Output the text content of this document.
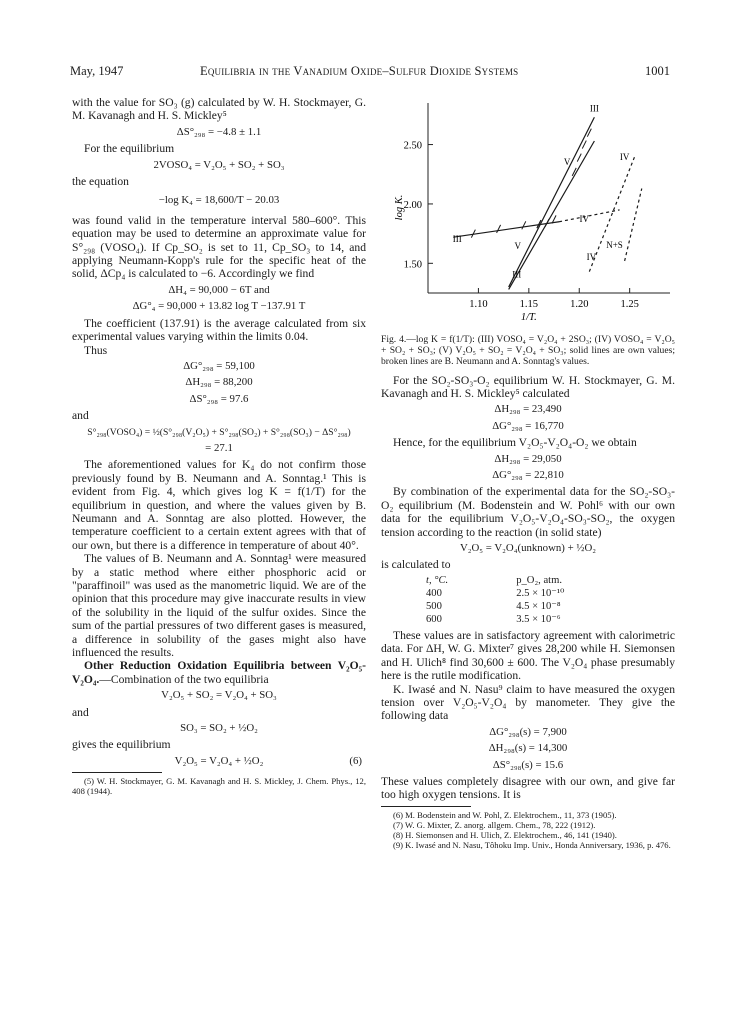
May, 1947	Equilibria in the Vanadium Oxide–Sulfur Dioxide Systems	1001

with the value for SO₃ (g) calculated by W. H. Stockmayer, G. M. Kavanagh and H. S. Mickley⁵

ΔS°₂₉₈ = −4.8 ± 1.1

For the equilibrium

2VOSO₄ = V₂O₅ + SO₂ + SO₃

the equation

−log K₄ = 18,600/T − 20.03

was found valid in the temperature interval 580–600°. This equation may be used to determine an approximate value for S°₂₉₈ (VOSO₄). If Cp_SO₂ is set to 11, Cp_SO₃ to 14, and applying Neumann-Kopp's rule for the specific heat of the solid, ΔCp₄ is calculated to −6. Accordingly we find

ΔH₄ = 90,000 − 6T and
ΔG°₄ = 90,000 + 13.82 log T −137.91 T

The coefficient (137.91) is the average calculated from six experimental values varying within the limits 0.04.

Thus

ΔG°₂₉₈ = 59,100
ΔH₂₉₈ = 88,200
ΔS°₂₉₈ = 97.6

and

S°₂₉₈(VOSO₄) = ½(S°₂₉₈(V₂O₅) + S°₂₉₈(SO₂) + S°₂₉₈(SO₃) − ΔS°₂₉₈)
= 27.1

The aforementioned values for K₄ do not confirm those previously found by B. Neumann and A. Sonntag.¹ This is evident from Fig. 4, which gives log K = f(1/T) for the equilibrium in question, and where the values given by B. Neumann and A. Sonntag are also plotted. However, the temperature coefficient to a certain extent agrees with that of our own, but there is a difference in temperature of about 40°.

The values of B. Neumann and A. Sonntag¹ were measured by a static method where either phosphoric acid or "paraffinoil" was used as the manometric liquid. We are of the opinion that this procedure may give inaccurate results in view of the solubility in the liquid of the sulfur oxides. Since the sum of the partial pressures of two different gases is measured, a difference in solubility of the gases might also have influenced the results.

Other Reduction Oxidation Equilibria between V₂O₅-V₂O₄.—Combination of the two equilibria

V₂O₅ + SO₂ = V₂O₄ + SO₃

and

SO₃ = SO₂ + ½O₂

gives the equilibrium

V₂O₅ = V₂O₄ + ½O₂	(6)

(5) W. H. Stockmayer, G. M. Kavanagh and H. S. Mickley, J. Chem. Phys., 12, 408 (1944).

2.50
2.00
1.50
1.10	1.15	1.20	1.25
1/T.
log K.
III
IV
V
III
IV
N+S
IV
V
III

Fig. 4.—log K = f(1/T): (III) VOSO₄ = V₂O₄ + 2SO₃; (IV) VOSO₄ = V₂O₅ + SO₂ + SO₃; (V) V₂O₅ + SO₂ = V₂O₄ + SO₃; solid lines are own values; broken lines are B. Neumann and A. Sonntag's values.

For the SO₂-SO₃-O₂ equilibrium W. H. Stockmayer, G. M. Kavanagh and H. S. Mickley⁵ calculated

ΔH₂₉₈ = 23,490
ΔG°₂₉₈ = 16,770

Hence, for the equilibrium V₂O₅-V₂O₄-O₂ we obtain

ΔH₂₉₈ = 29,050
ΔG°₂₉₈ = 22,810

By combination of the experimental data for the SO₂-SO₃-O₂ equilibrium (M. Bodenstein and W. Pohl⁶ with our own data for the equilibrium V₂O₅-V₂O₄-SO₃-SO₂, the oxygen tension according to the reaction (in solid state)

V₂O₅ = V₂O₄(unknown) + ½O₂

is calculated to

t, °C.	p_O₂, atm.
400	2.5 × 10⁻¹⁰
500	4.5 × 10⁻⁸
600	3.5 × 10⁻⁶

These values are in satisfactory agreement with calorimetric data. For ΔH, W. G. Mixter⁷ gives 28,200 while H. Siemonsen and H. Ulich⁸ find 30,600 ± 600. The V₂O₄ phase presumably here is the rutile modification.

K. Iwasé and N. Nasu⁹ claim to have measured the oxygen tension over V₂O₅-V₂O₄ by manometer. They give the following data

ΔG°₂₉₈(s) = 7,900
ΔH₂₉₈(s) = 14,300
ΔS°₂₉₈(s) = 15.6

These values completely disagree with our own, and give far too high oxygen tensions. It is

(6) M. Bodenstein and W. Pohl, Z. Elektrochem., 11, 373 (1905).

(7) W. G. Mixter, Z. anorg. allgem. Chem., 78, 222 (1912).

(8) H. Siemonsen and H. Ulich, Z. Elektrochem., 46, 141 (1940).

(9) K. Iwasé and N. Nasu, Tôhoku Imp. Univ., Honda Anniversary, 1936, p. 476.
